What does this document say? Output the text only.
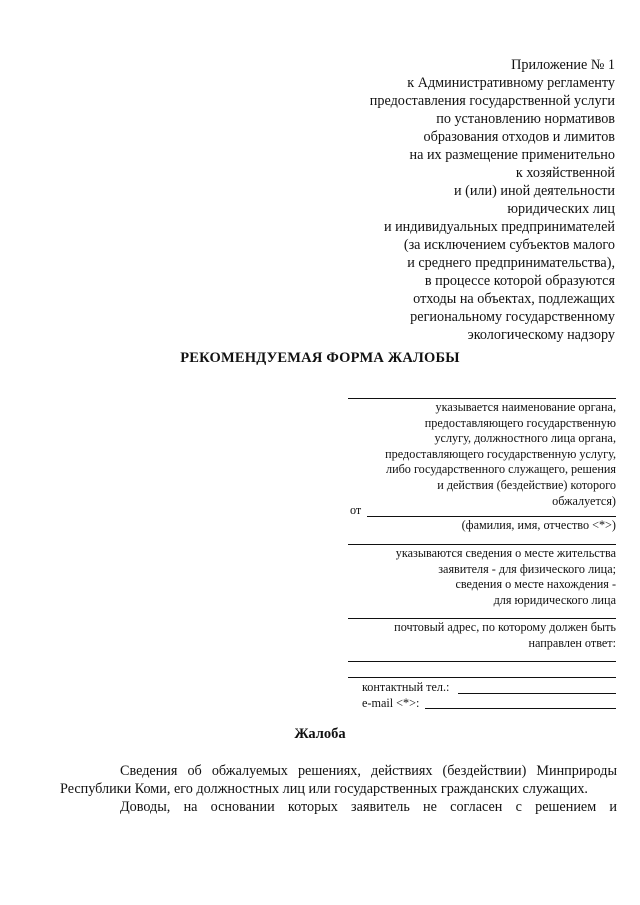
Приложение № 1
к Административному регламенту
предоставления государственной услуги
по установлению нормативов
образования отходов и лимитов
на их размещение применительно
к хозяйственной
и (или) иной деятельности
юридических лиц
и индивидуальных предпринимателей
(за исключением субъектов малого
и среднего предпринимательства),
в процессе которой образуются
отходы на объектах, подлежащих
региональному государственному
экологическому надзору
РЕКОМЕНДУЕМАЯ ФОРМА ЖАЛОБЫ
указывается наименование органа,
предоставляющего государственную
услугу, должностного лица органа,
предоставляющего государственную услугу,
либо государственного служащего, решения
и действия (бездействие) которого
обжалуется)
от
(фамилия, имя, отчество <*>)
указываются сведения о месте жительства
заявителя - для физического лица;
сведения о месте нахождения -
для юридического лица
почтовый адрес, по которому должен быть
направлен ответ:
контактный тел.:
e-mail <*>:
Жалоба

Сведения об обжалуемых решениях, действиях (бездействии) Минприроды Республики Коми, его должностных лиц или государственных гражданских служащих.

Доводы, на основании которых заявитель не согласен с решением и
